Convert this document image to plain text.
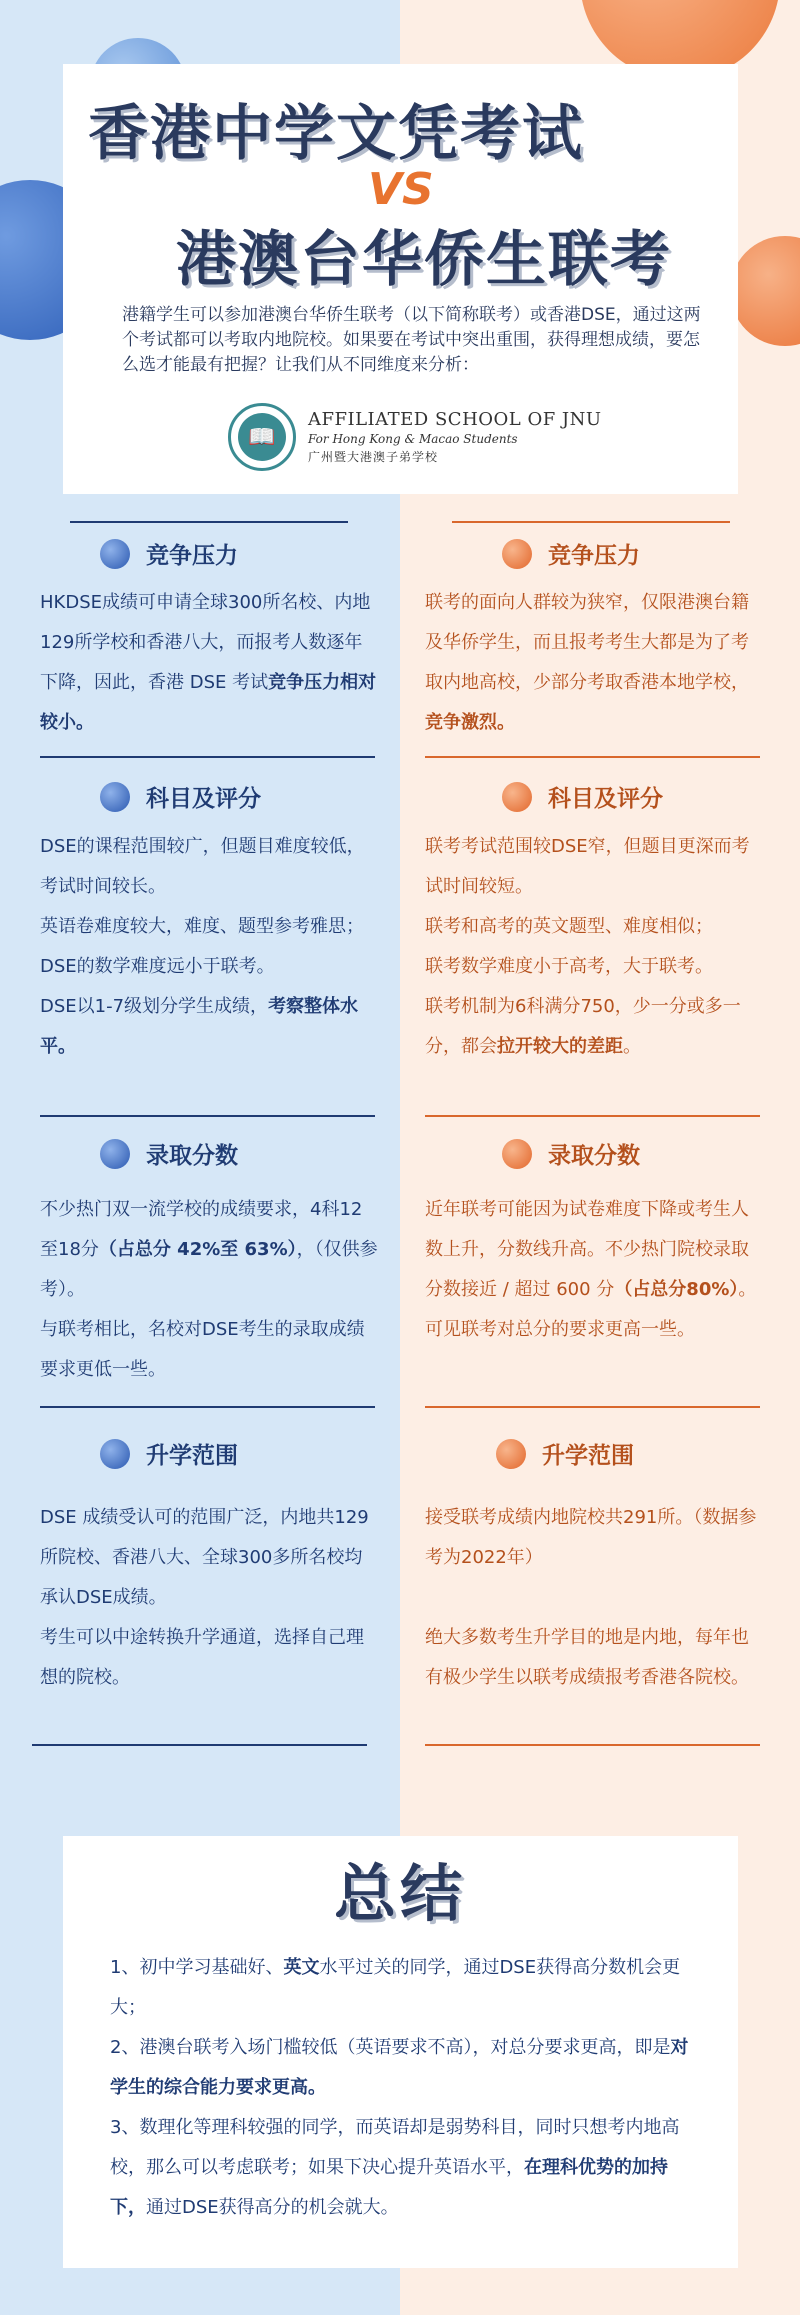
香港中学文凭考试
VS
港澳台华侨生联考
港籍学生可以参加港澳台华侨生联考（以下简称联考）或香港DSE，通过这两个考试都可以考取内地院校。如果要在考试中突出重围，获得理想成绩，要怎么选才能最有把握？让我们从不同维度来分析：
📖
AFFILIATED SCHOOL OF JNU
For Hong Kong & Macao Students
广州暨大港澳子弟学校
竞争压力	竞争压力
HKDSE成绩可申请全球300所名校、内地129所学校和香港八大，而报考人数逐年下降，因此，香港 DSE 考试竞争压力相对较小。
联考的面向人群较为狭窄，仅限港澳台籍及华侨学生，而且报考考生大都是为了考取内地高校，少部分考取香港本地学校，竞争激烈。
科目及评分	科目及评分
DSE的课程范围较广，但题目难度较低，考试时间较长。
英语卷难度较大，难度、题型参考雅思；
DSE的数学难度远小于联考。
DSE以1-7级划分学生成绩，考察整体水平。
联考考试范围较DSE窄，但题目更深而考试时间较短。
联考和高考的英文题型、难度相似；
联考数学难度小于高考，大于联考。
联考机制为6科满分750，少一分或多一分，都会拉开较大的差距。
录取分数	录取分数
不少热门双一流学校的成绩要求，4科12至18分（占总分 42%至 63%），（仅供参考）。
与联考相比，名校对DSE考生的录取成绩要求更低一些。
近年联考可能因为试卷难度下降或考生人数上升，分数线升高。不少热门院校录取分数接近 / 超过 600 分（占总分80%）。
可见联考对总分的要求更高一些。
升学范围	升学范围
DSE 成绩受认可的范围广泛，内地共129所院校、香港八大、全球300多所名校均承认DSE成绩。
考生可以中途转换升学通道，选择自己理想的院校。
接受联考成绩内地院校共291所。（数据参考为2022年）
绝大多数考生升学目的地是内地，每年也有极少学生以联考成绩报考香港各院校。
总结
1、初中学习基础好、英文水平过关的同学，通过DSE获得高分数机会更大；
2、港澳台联考入场门槛较低（英语要求不高），对总分要求更高，即是对学生的综合能力要求更高。
3、数理化等理科较强的同学，而英语却是弱势科目，同时只想考内地高校，那么可以考虑联考；如果下决心提升英语水平，在理科优势的加持下，通过DSE获得高分的机会就大。
